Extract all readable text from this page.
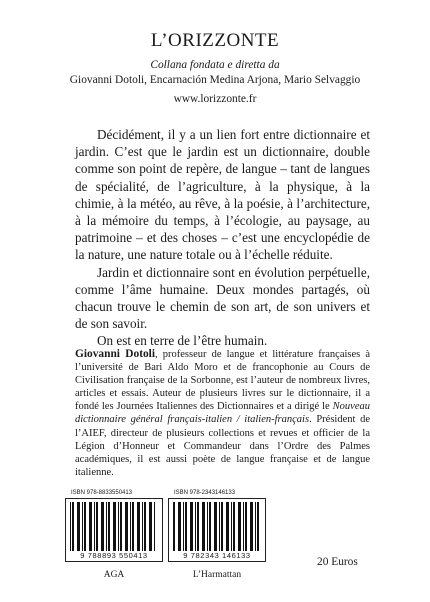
L’ORIZZONTE
Collana fondata e diretta da
Giovanni Dotoli, Encarnación Medina Arjona, Mario Selvaggio
www.lorizzonte.fr

Décidément, il y a un lien fort entre dictionnaire et jardin. C’est que le jardin est un dictionnaire, double comme son point de repère, de langue – tant de langues de spécialité, de l’agriculture, à la physique, à la chimie, à la météo, au rêve, à la poésie, à l’architecture, à la mémoire du temps, à l’écologie, au paysage, au patrimoine – et des choses – c’est une encyclopédie de la nature, une nature totale ou à l’échelle réduite.

Jardin et dictionnaire sont en évolution perpétuelle, comme l’âme humaine. Deux mondes partagés, où chacun trouve le chemin de son art, de son univers et de son savoir.

On est en terre de l’être humain.

Giovanni Dotoli, professeur de langue et littérature françaises à l’université de Bari Aldo Moro et de francophonie au Cours de Civilisation française de la Sorbonne, est l’auteur de nombreux livres, articles et essais. Auteur de plusieurs livres sur le dictionnaire, il a fondé les Journées Italiennes des Dictionnaires et a dirigé le Nouveau dictionnaire général français-italien / italien-français. Président de l’AIEF, directeur de plusieurs collections et revues et officier de la Légion d’Honneur et Commandeur dans l’Ordre des Palmes académiques, il est aussi poète de langue française et de langue italienne.
ISBN 978-8833550413
9 788893 550413
AGA
ISBN 978-2343146133
9 782343 146133
L’Harmattan
20 Euros
